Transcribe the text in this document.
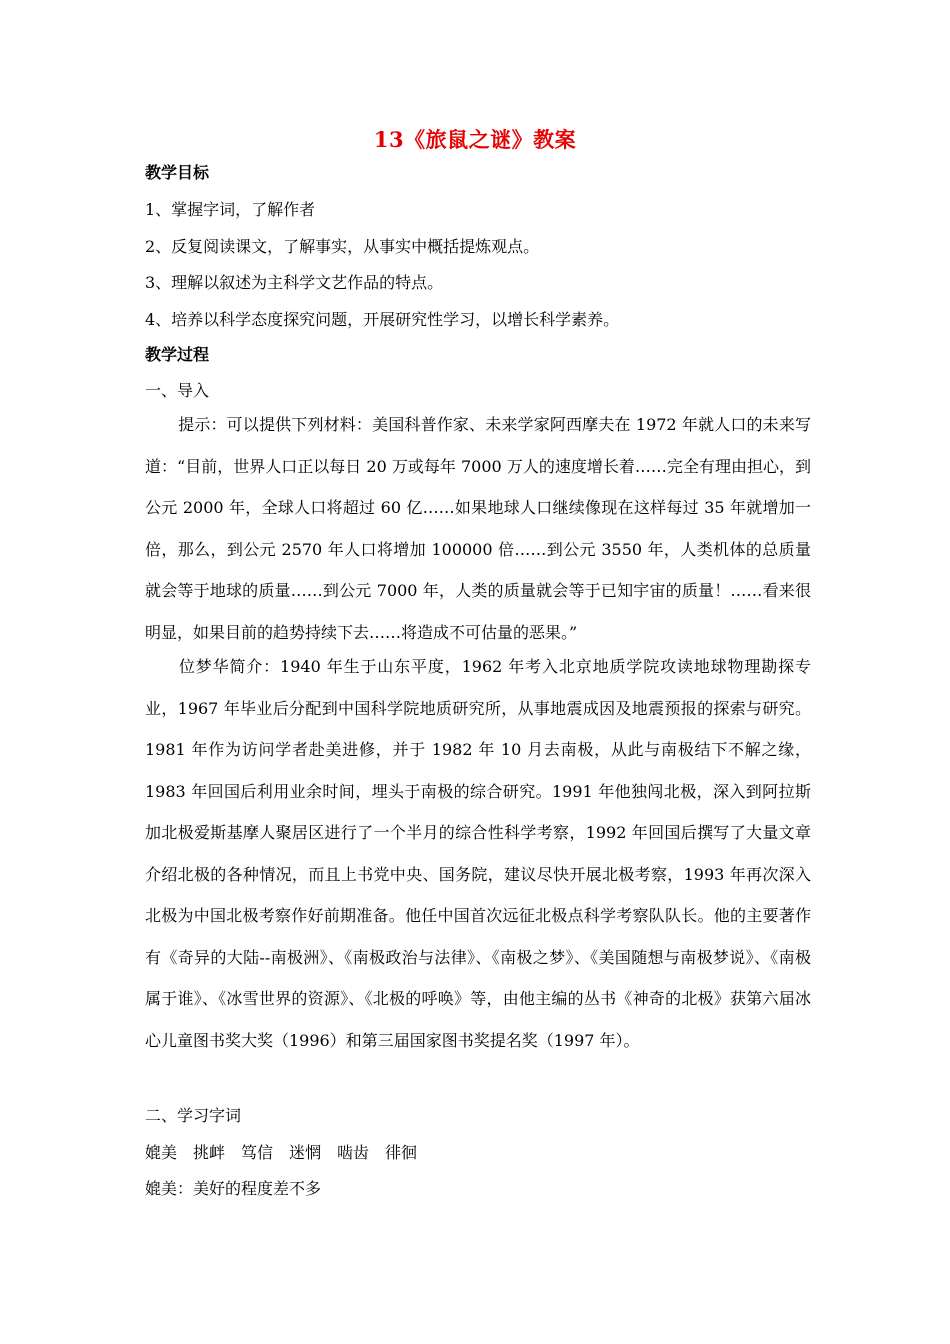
13《旅鼠之谜》教案
教学目标
1、掌握字词，了解作者
2、反复阅读课文，了解事实，从事实中概括提炼观点。
3、理解以叙述为主科学文艺作品的特点。
4、培养以科学态度探究问题，开展研究性学习，以增长科学素养。
教学过程
一、导入
提示：可以提供下列材料：美国科普作家、未来学家阿西摩夫在 1972 年就人口的未来写道：“目前，世界人口正以每日 20 万或每年 7000 万人的速度增长着……完全有理由担心，到公元 2000 年，全球人口将超过 60 亿……如果地球人口继续像现在这样每过 35 年就增加一倍，那么，到公元 2570 年人口将增加 100000 倍……到公元 3550 年，人类机体的总质量就会等于地球的质量……到公元 7000 年，人类的质量就会等于已知宇宙的质量！……看来很明显，如果目前的趋势持续下去……将造成不可估量的恶果。”
位梦华简介：1940 年生于山东平度，1962 年考入北京地质学院攻读地球物理勘探专业，1967 年毕业后分配到中国科学院地质研究所，从事地震成因及地震预报的探索与研究。1981 年作为访问学者赴美进修，并于 1982 年 10 月去南极，从此与南极结下不解之缘，1983 年回国后利用业余时间，埋头于南极的综合研究。1991 年他独闯北极，深入到阿拉斯加北极爱斯基摩人聚居区进行了一个半月的综合性科学考察，1992 年回国后撰写了大量文章介绍北极的各种情况，而且上书党中央、国务院，建议尽快开展北极考察，1993 年再次深入北极为中国北极考察作好前期准备。他任中国首次远征北极点科学考察队队长。他的主要著作有《奇异的大陆--南极洲》、《南极政治与法律》、《南极之梦》、《美国随想与南极梦说》、《南极属于谁》、《冰雪世界的资源》、《北极的呼唤》等，由他主编的丛书《神奇的北极》获第六届冰心儿童图书奖大奖（1996）和第三届国家图书奖提名奖（1997 年）。
二、学习字词
媲美　挑衅　笃信　迷惘　啮齿　徘徊
媲美：美好的程度差不多
